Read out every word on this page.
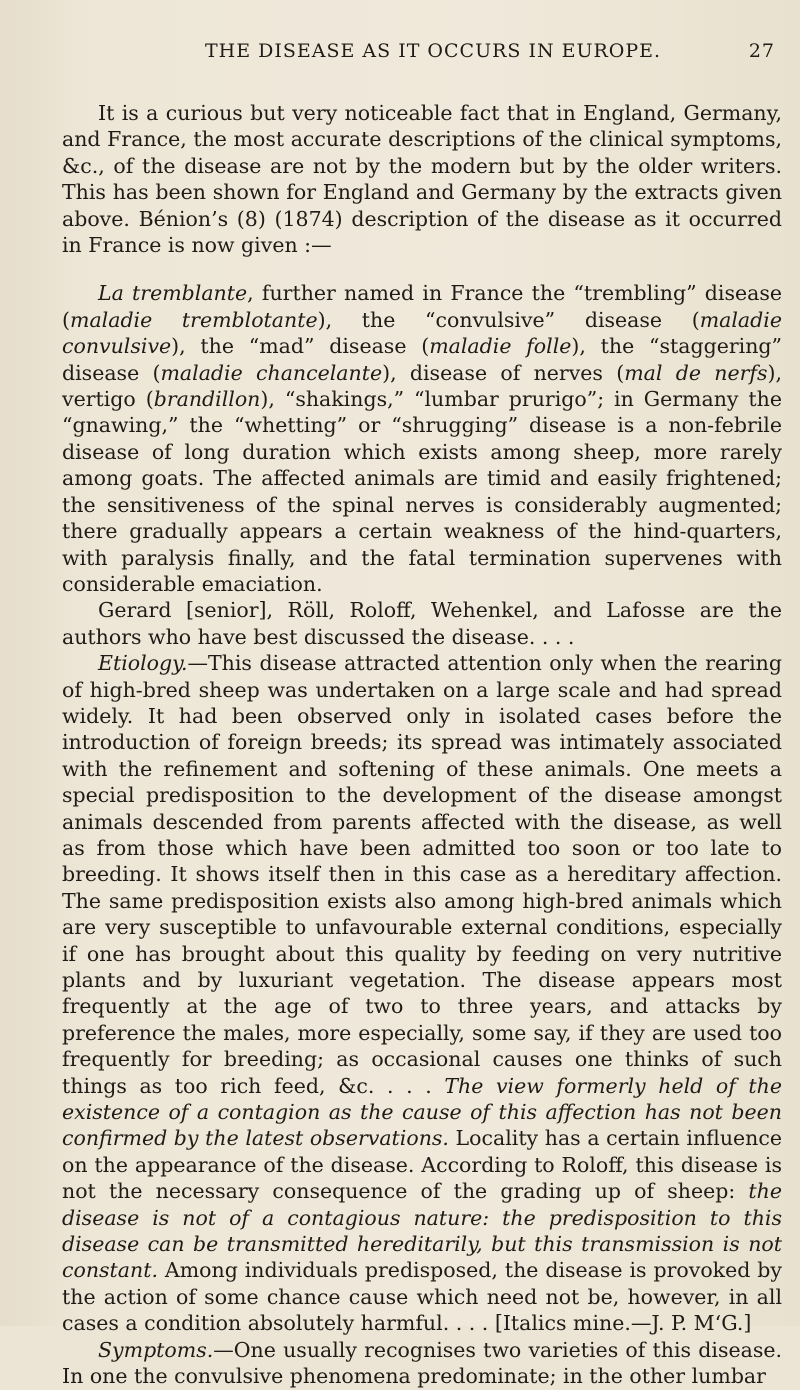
THE DISEASE AS IT OCCURS IN EUROPE.	27

It is a curious but very noticeable fact that in England, Germany, and France, the most accurate descriptions of the clinical symptoms, &c., of the disease are not by the modern but by the older writers. This has been shown for England and Germany by the extracts given above. Bénion’s (8) (1874) description of the disease as it occurred in France is now given :—

La tremblante, further named in France the “trembling” disease (maladie tremblotante), the “convulsive” disease (maladie convulsive), the “mad” disease (maladie folle), the “staggering” disease (maladie chancelante), disease of nerves (mal de nerfs), vertigo (brandillon), “shakings,” “lumbar prurigo”; in Germany the “gnawing,” the “whetting” or “shrugging” disease is a non-febrile disease of long duration which exists among sheep, more rarely among goats. The affected animals are timid and easily frightened; the sensitiveness of the spinal nerves is considerably augmented; there gradually appears a certain weakness of the hind-quarters, with paralysis finally, and the fatal termination supervenes with considerable emaciation.

Gerard [senior], Röll, Roloff, Wehenkel, and Lafosse are the authors who have best discussed the disease. . . .

Etiology.—This disease attracted attention only when the rearing of high-bred sheep was undertaken on a large scale and had spread widely. It had been observed only in isolated cases before the introduction of foreign breeds; its spread was intimately associated with the refinement and softening of these animals. One meets a special predisposition to the development of the disease amongst animals descended from parents affected with the disease, as well as from those which have been admitted too soon or too late to breeding. It shows itself then in this case as a hereditary affection. The same predisposition exists also among high-bred animals which are very susceptible to unfavourable external conditions, especially if one has brought about this quality by feeding on very nutritive plants and by luxuriant vegetation. The disease appears most frequently at the age of two to three years, and attacks by preference the males, more especially, some say, if they are used too frequently for breeding; as occasional causes one thinks of such things as too rich feed, &c. . . . The view formerly held of the existence of a contagion as the cause of this affection has not been confirmed by the latest observations. Locality has a certain influence on the appearance of the disease. According to Roloff, this disease is not the necessary consequence of the grading up of sheep: the disease is not of a contagious nature: the predisposition to this disease can be transmitted hereditarily, but this transmission is not constant. Among individuals predisposed, the disease is provoked by the action of some chance cause which need not be, however, in all cases a condition absolutely harmful. . . . [Italics mine.—J. P. M‘G.]

Symptoms.—One usually recognises two varieties of this disease. In one the convulsive phenomena predominate; in the other lumbar
